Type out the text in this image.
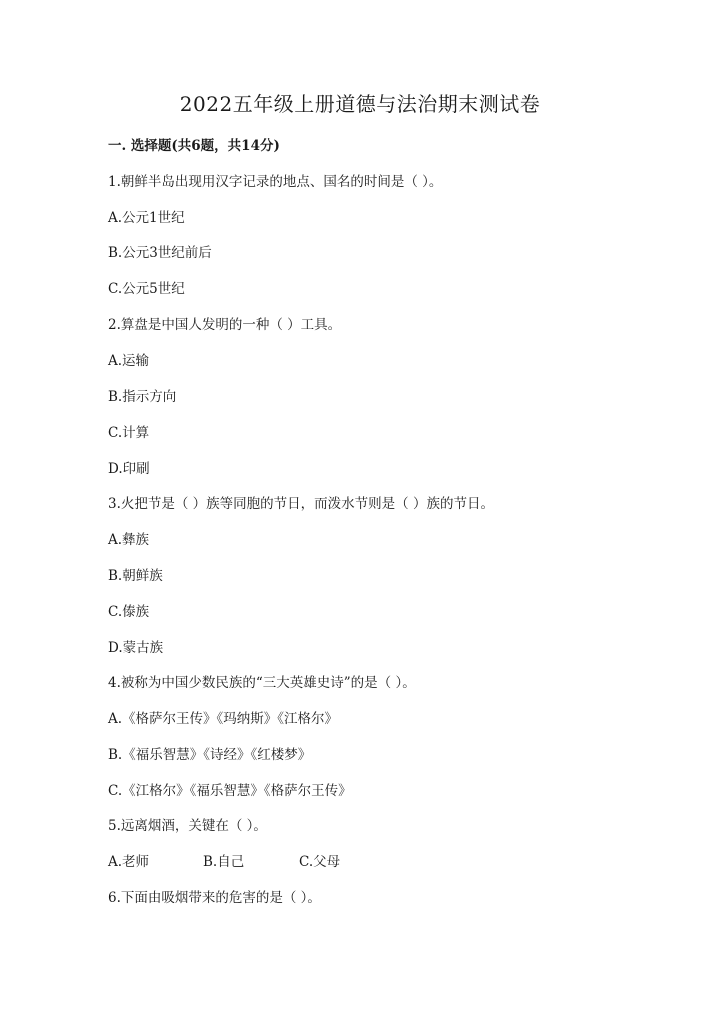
2022五年级上册道德与法治期末测试卷
一. 选择题(共6题，共14分)
1.朝鲜半岛出现用汉字记录的地点、国名的时间是（ ）。
A.公元1世纪
B.公元3世纪前后
C.公元5世纪
2.算盘是中国人发明的一种（ ）工具。
A.运输
B.指示方向
C.计算
D.印刷
3.火把节是（ ）族等同胞的节日，而泼水节则是（ ）族的节日。
A.彝族
B.朝鲜族
C.傣族
D.蒙古族
4.被称为中国少数民族的“三大英雄史诗”的是（ ）。
A.《格萨尔王传》《玛纳斯》《江格尔》
B.《福乐智慧》《诗经》《红楼梦》
C.《江格尔》《福乐智慧》《格萨尔王传》
5.远离烟酒，关键在（ ）。
A.老师	B.自己	C.父母
6.下面由吸烟带来的危害的是（ ）。
